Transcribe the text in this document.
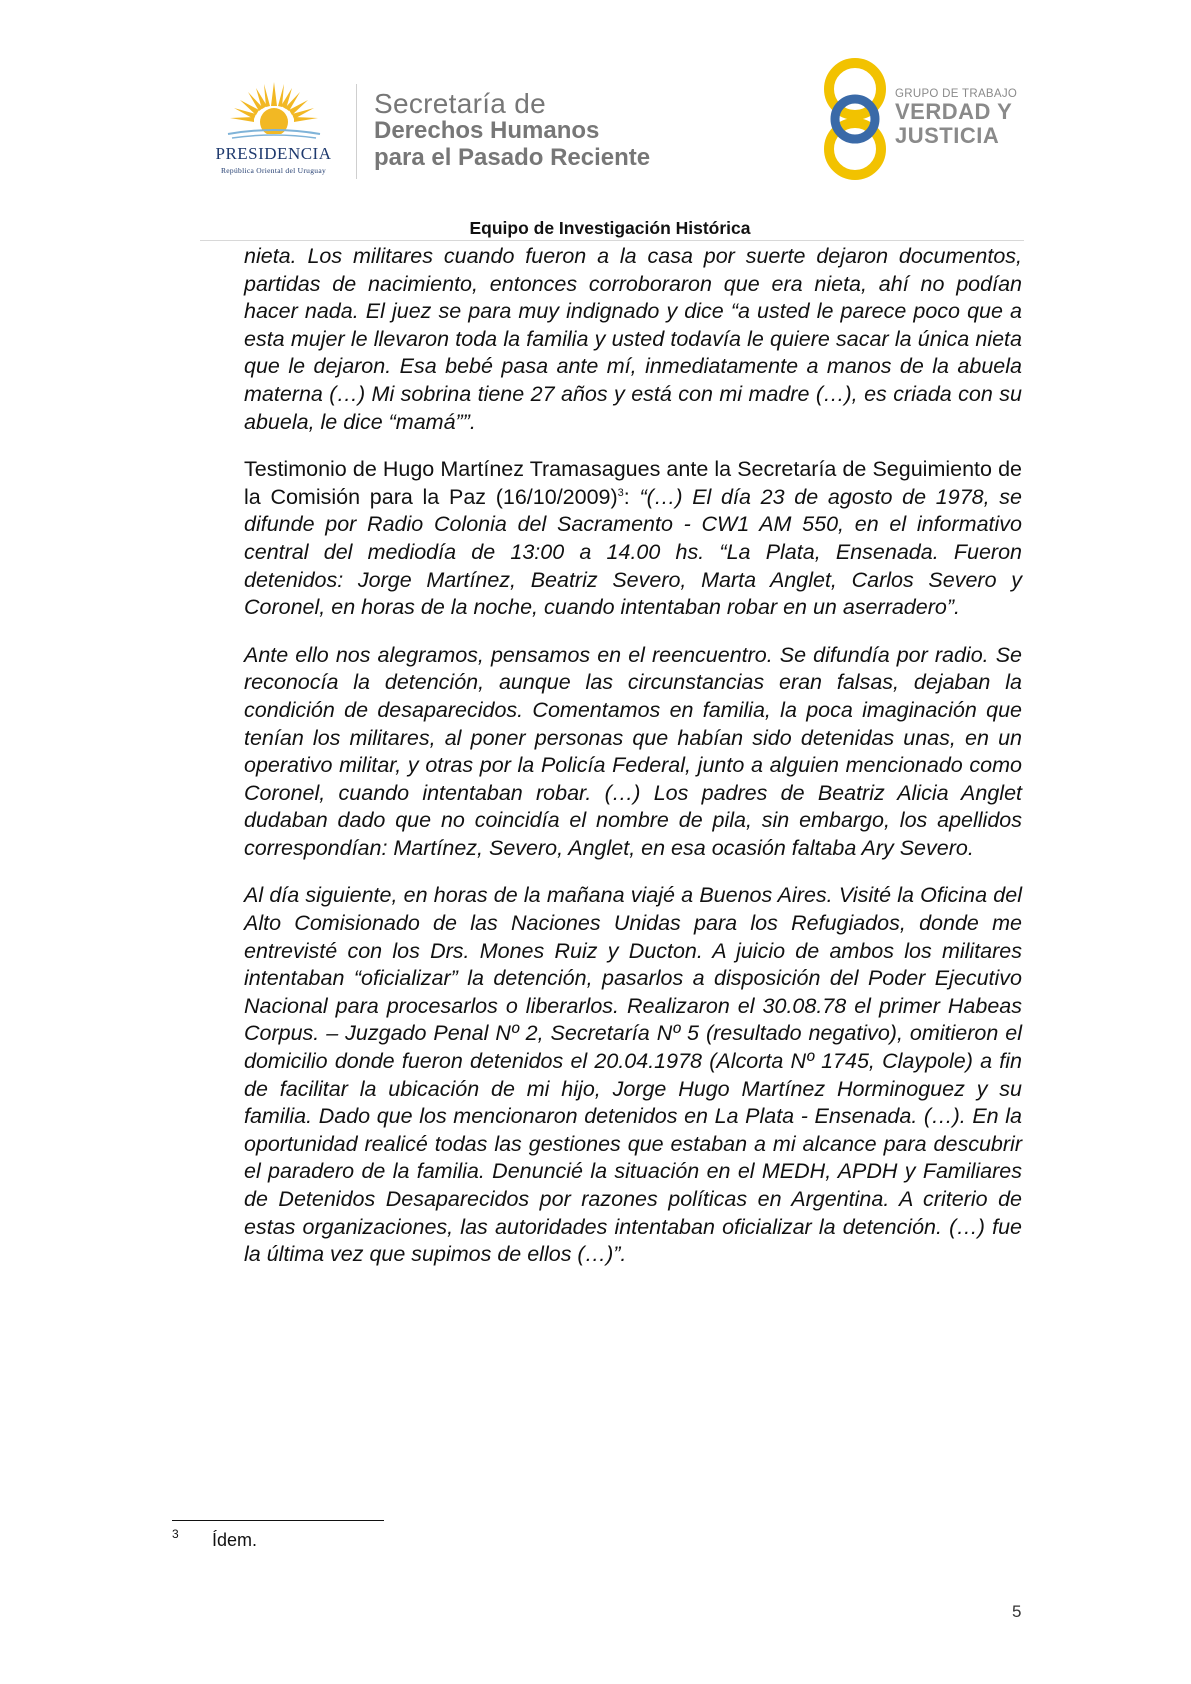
PRESIDENCIA
República Oriental del Uruguay
Secretaría de
Derechos Humanos
para el Pasado Reciente
GRUPO DE TRABAJO
VERDAD Y
JUSTICIA
Equipo de Investigación Histórica

nieta. Los militares cuando fueron a la casa por suerte dejaron documentos, partidas de nacimiento, entonces corroboraron que era nieta, ahí no podían hacer nada. El juez se para muy indignado y dice “a usted le parece poco que a esta mujer le llevaron toda la familia y usted todavía le quiere sacar la única nieta que le dejaron. Esa bebé pasa ante mí, inmediatamente a manos de la abuela materna (…) Mi sobrina tiene 27 años y está con mi madre (…), es criada con su abuela, le dice “mamá””.

Testimonio de Hugo Martínez Tramasagues ante la Secretaría de Seguimiento de la Comisión para la Paz $(16/10/2009)^3$: “(…) El día 23 de agosto de 1978, se difunde por Radio Colonia del Sacramento - CW1 AM 550, en el informativo central del mediodía de 13:00 a 14.00 hs. “La Plata, Ensenada. Fueron detenidos: Jorge Martínez, Beatriz Severo, Marta Anglet, Carlos Severo y Coronel, en horas de la noche, cuando intentaban robar en un aserradero”.

Ante ello nos alegramos, pensamos en el reencuentro. Se difundía por radio. Se reconocía la detención, aunque las circunstancias eran falsas, dejaban la condición de desaparecidos. Comentamos en familia, la poca imaginación que tenían los militares, al poner personas que habían sido detenidas unas, en un operativo militar, y otras por la Policía Federal, junto a alguien mencionado como Coronel, cuando intentaban robar. (…) Los padres de Beatriz Alicia Anglet dudaban dado que no coincidía el nombre de pila, sin embargo, los apellidos correspondían: Martínez, Severo, Anglet, en esa ocasión faltaba Ary Severo.

Al día siguiente, en horas de la mañana viajé a Buenos Aires. Visité la Oficina del Alto Comisionado de las Naciones Unidas para los Refugiados, donde me entrevisté con los Drs. Mones Ruiz y Ducton. A juicio de ambos los militares intentaban “oficializar” la detención, pasarlos a disposición del Poder Ejecutivo Nacional para procesarlos o liberarlos. Realizaron el 30.08.78 el primer Habeas Corpus. – Juzgado Penal Nº 2, Secretaría Nº 5 (resultado negativo), omitieron el domicilio donde fueron detenidos el 20.04.1978 (Alcorta Nº 1745, Claypole) a fin de facilitar la ubicación de mi hijo, Jorge Hugo Martínez Horminoguez y su familia. Dado que los mencionaron detenidos en La Plata - Ensenada. (…). En la oportunidad realicé todas las gestiones que estaban a mi alcance para descubrir el paradero de la familia. Denuncié la situación en el MEDH, APDH y Familiares de Detenidos Desaparecidos por razones políticas en Argentina. A criterio de estas organizaciones, las autoridades intentaban oficializar la detención. (…) fue la última vez que supimos de ellos (…)”.

3 Ídem.
5
